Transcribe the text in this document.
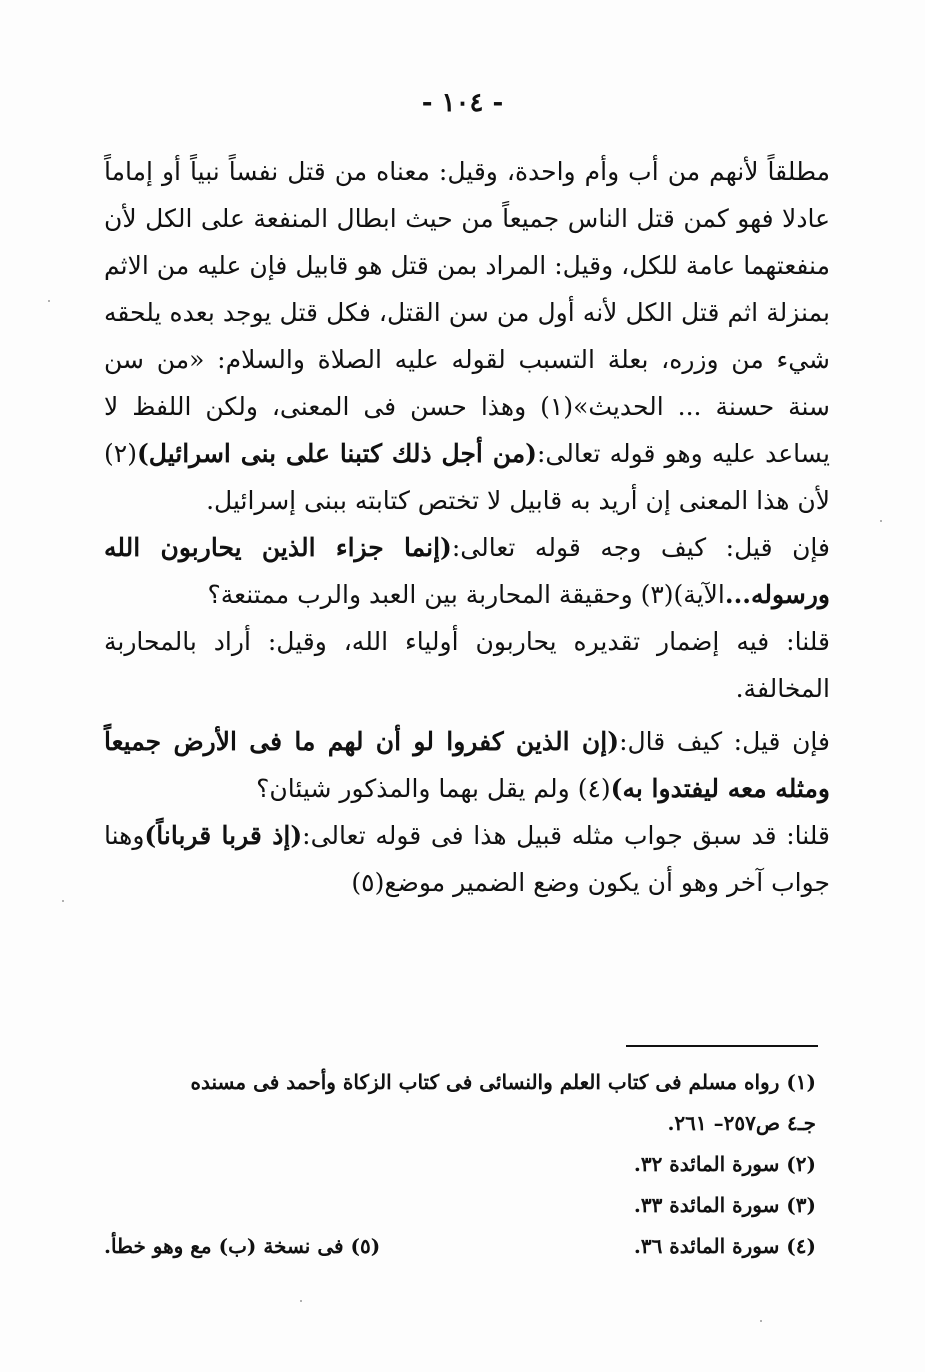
- ١٠٤ -

مطلقاً لأنهم من أب وأم واحدة، وقيل: معناه من قتل نفساً نبياً أو إماماً عادلا فهو كمن قتل الناس جميعاً من حيث ابطال المنفعة على الكل لأن منفعتهما عامة للكل، وقيل: المراد بمن قتل هو قابيل فإن عليه من الاثم بمنزلة اثم قتل الكل لأنه أول من سن القتل، فكل قتل يوجد بعده يلحقه شيء من وزره، بعلة التسبب لقوله عليه الصلاة والسلام: «من سن سنة حسنة ... الحديث»(١) وهذا حسن فى المعنى، ولكن اللفظ لا يساعد عليه وهو قوله تعالى:(من أجل ذلك كتبنا على بنى اسرائيل)(٢) لأن هذا المعنى إن أريد به قابيل لا تختص كتابته ببنى إسرائيل.

فإن قيل: كيف وجه قوله تعالى:(إنما جزاء الذين يحاربون الله ورسوله...الآية)(٣) وحقيقة المحاربة بين العبد والرب ممتنعة؟

قلنا: فيه إضمار تقديره يحاربون أولياء الله، وقيل: أراد بالمحاربة المخالفة.

فإن قيل: كيف قال:(إن الذين كفروا لو أن لهم ما فى الأرض جميعاً ومثله معه ليفتدوا به)(٤) ولم يقل بهما والمذكور شيئان؟

قلنا: قد سبق جواب مثله قبيل هذا فى قوله تعالى:(إذ قربا قرباناً)وهنا جواب آخر وهو أن يكون وضع الضمير موضع(٥)

(١) رواه مسلم فى كتاب العلم والنسائى فى كتاب الزكاة وأحمد فى مسنده

جـ٤ ص٢٥٧– ٢٦١.

(٢) سورة المائدة ٣٢.

(٣) سورة المائدة ٣٣.

(٤) سورة المائدة ٣٦.

(٥) فى نسخة (ب) مع وهو خطأ.
